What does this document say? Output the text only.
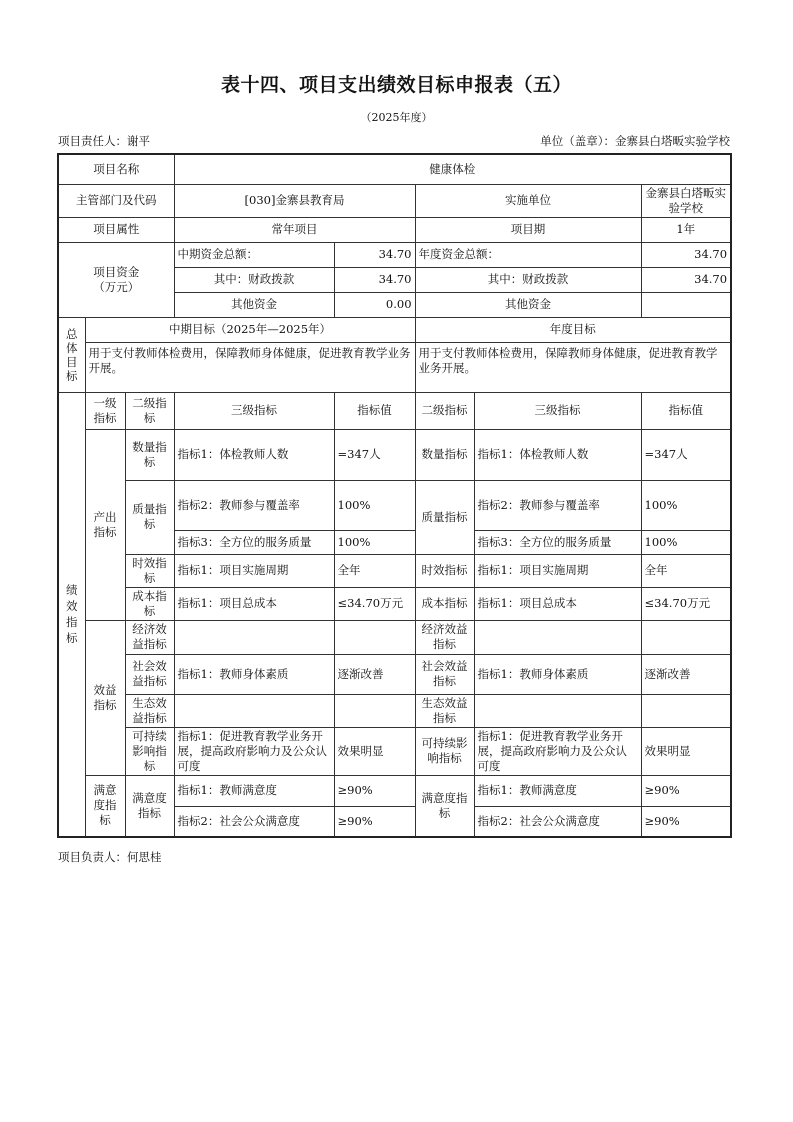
表十四、项目支出绩效目标申报表（五）
（2025年度）
项目责任人：谢平	单位（盖章）：金寨县白塔畈实验学校
项目名称			健康体检				
主管部门及代码			[030]金寨县教育局		实施单位		金寨县白塔畈实验学校
项目属性			常年项目		项目期		1年
项目资金
（万元）			中期资金总额：	34.70	年度资金总额：		34.70
			其中：财政拨款	34.70	其中：财政拨款		34.70
			其他资金	0.00	其他资金		
总
体
目
标	中期目标（2025年—2025年）				年度目标		
	用于支付教师体检费用，保障教师身体健康，促进教育教学业务开展。				用于支付教师体检费用，保障教师身体健康，促进教育教学业务开展。		
绩
效
指
标	一级指标	二级指标	三级指标	指标值	二级指标	三级指标	指标值
	产出指标	数量指标	指标1：体检教师人数	=347人	数量指标	指标1：体检教师人数	=347人
		质量指标	指标2：教师参与覆盖率	100%	质量指标	指标2：教师参与覆盖率	100%
			指标3：全方位的服务质量	100%		指标3：全方位的服务质量	100%
		时效指标	指标1：项目实施周期	全年	时效指标	指标1：项目实施周期	全年
		成本指标	指标1：项目总成本	≤34.70万元	成本指标	指标1：项目总成本	≤34.70万元
	效益指标	经济效益指标			经济效益指标		
		社会效益指标	指标1：教师身体素质	逐渐改善	社会效益指标	指标1：教师身体素质	逐渐改善
		生态效益指标			生态效益指标		
		可持续影响指标	指标1：促进教育教学业务开展，提高政府影响力及公众认可度	效果明显	可持续影响指标	指标1：促进教育教学业务开展，提高政府影响力及公众认可度	效果明显
	满意度指标	满意度指标	指标1：教师满意度	≥90%	满意度指标	指标1：教师满意度	≥90%
			指标2：社会公众满意度	≥90%		指标2：社会公众满意度	≥90%
项目负责人：何思桂
